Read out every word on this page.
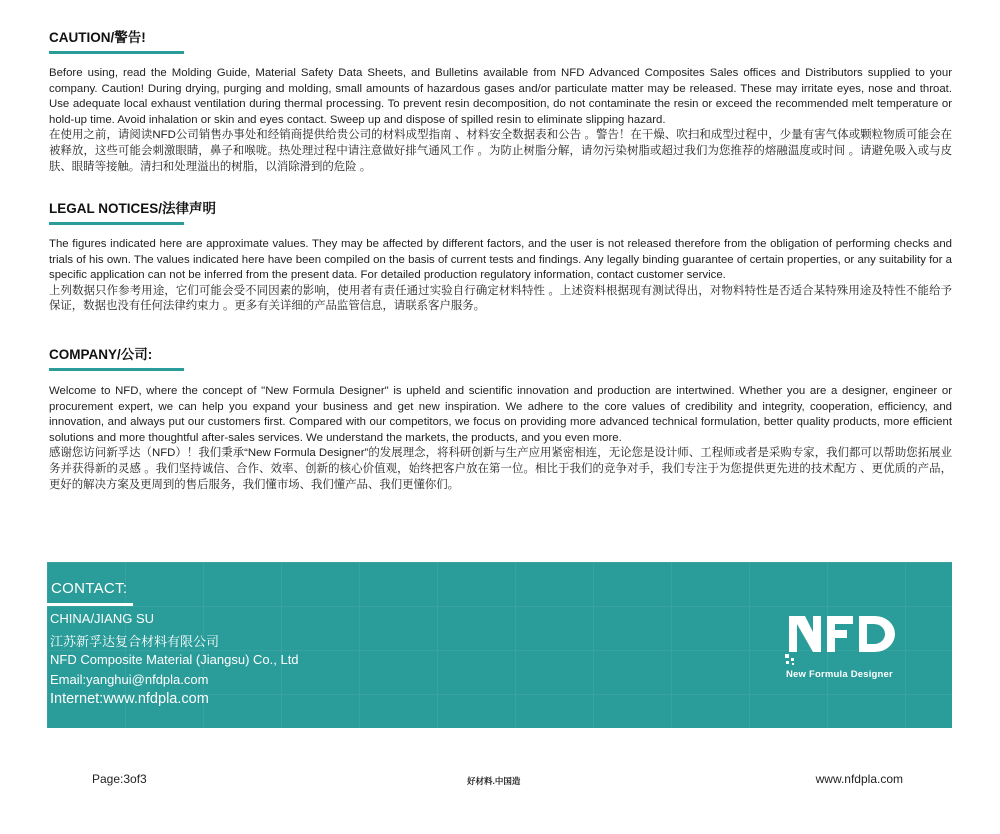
CAUTION/警告!

Before using, read the Molding Guide, Material Safety Data Sheets, and Bulletins available from NFD Advanced Composites Sales offices and Distributors supplied to your company. Caution! During drying, purging and molding, small amounts of hazardous gases and/or particulate matter may be released. These may irritate eyes, nose and throat. Use adequate local exhaust ventilation during thermal processing. To prevent resin decomposition, do not contaminate the resin or exceed the recommended melt temperature or hold-up time. Avoid inhalation or skin and eyes contact. Sweep up and dispose of spilled resin to eliminate slipping hazard.

在使用之前，请阅读NFD公司销售办事处和经销商提供给贵公司的材料成型指南 、材料安全数据表和公告 。警告！在干燥、吹扫和成型过程中，少量有害气体或颗粒物质可能会在被释放，这些可能会刺激眼睛，鼻子和喉咙。热处理过程中请注意做好排气通风工作 。为防止树脂分解，请勿污染树脂或超过我们为您推荐的熔融温度或时间 。请避免吸入或与皮肤、眼睛等接触。清扫和处理溢出的树脂，以消除滑到的危险 。

LEGAL NOTICES/法律声明

The figures indicated here are approximate values. They may be affected by different factors, and the user is not released therefore from the obligation of performing checks and trials of his own. The values indicated here have been compiled on the basis of current tests and findings. Any legally binding guarantee of certain properties, or any suitability for a specific application can not be inferred from the present data. For detailed production regulatory information, contact customer service.

上列数据只作参考用途，它们可能会受不同因素的影响，使用者有责任通过实验自行确定材料特性 。上述资料根据现有测试得出，对物料特性是否适合某特殊用途及特性不能给予保证，数据也没有任何法律约束力 。更多有关详细的产品监管信息，请联系客户服务。

COMPANY/公司:

Welcome to NFD, where the concept of "New Formula Designer" is upheld and scientific innovation and production are intertwined. Whether you are a designer, engineer or procurement expert, we can help you expand your business and get new inspiration. We adhere to the core values of credibility and integrity, cooperation, efficiency, and innovation, and always put our customers first. Compared with our competitors, we focus on providing more advanced technical formulation, better quality products, more efficient solutions and more thoughtful after-sales services. We understand the markets, the products, and you even more.

感谢您访问新孚达（NFD）！我们秉承“New Formula Designer”的发展理念，将科研创新与生产应用紧密相连，无论您是设计师、工程师或者是采购专家，我们都可以帮助您拓展业务并获得新的灵感 。我们坚持诚信、合作、效率、创新的核心价值观，始终把客户放在第一位。相比于我们的竞争对手，我们专注于为您提供更先进的技术配方 、更优质的产品，更好的解决方案及更周到的售后服务，我们懂市场、我们懂产品、我们更懂你们。

CONTACT:
CHINA/JIANG SU
江苏新孚达复合材料有限公司
NFD Composite Material (Jiangsu) Co., Ltd
Email:yanghui@nfdpla.com
Internet:www.nfdpla.com
New Formula Designer
Page:3of3	好材料.中国造	www.nfdpla.com
